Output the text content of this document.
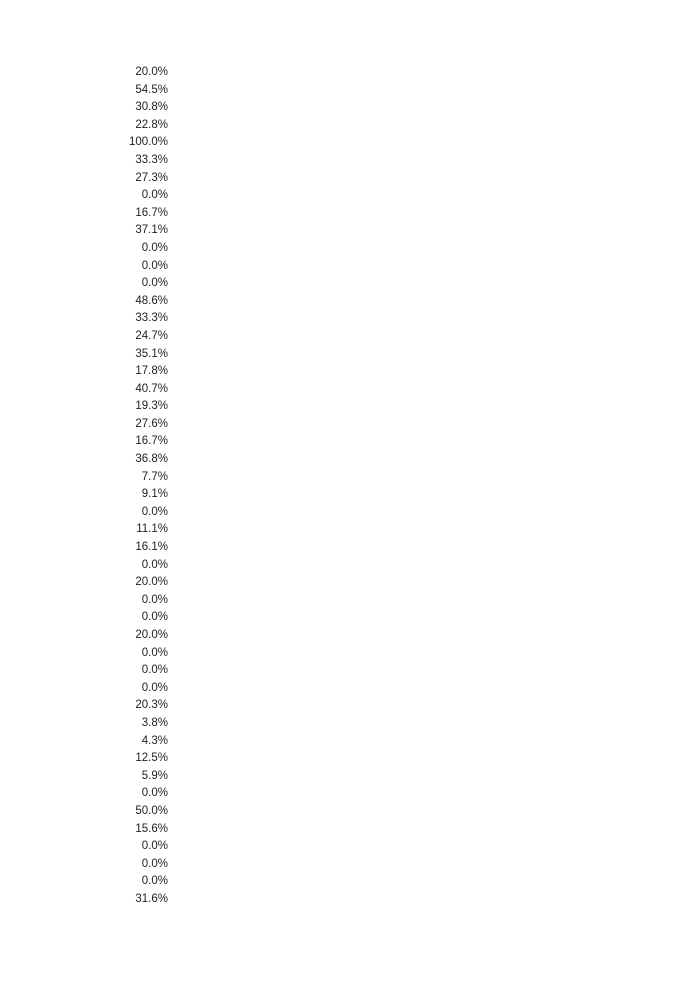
20.0%
54.5%
30.8%
22.8%
100.0%
33.3%
27.3%
0.0%
16.7%
37.1%
0.0%
0.0%
0.0%
48.6%
33.3%
24.7%
35.1%
17.8%
40.7%
19.3%
27.6%
16.7%
36.8%
7.7%
9.1%
0.0%
11.1%
16.1%
0.0%
20.0%
0.0%
0.0%
20.0%
0.0%
0.0%
0.0%
20.3%
3.8%
4.3%
12.5%
5.9%
0.0%
50.0%
15.6%
0.0%
0.0%
0.0%
31.6%
